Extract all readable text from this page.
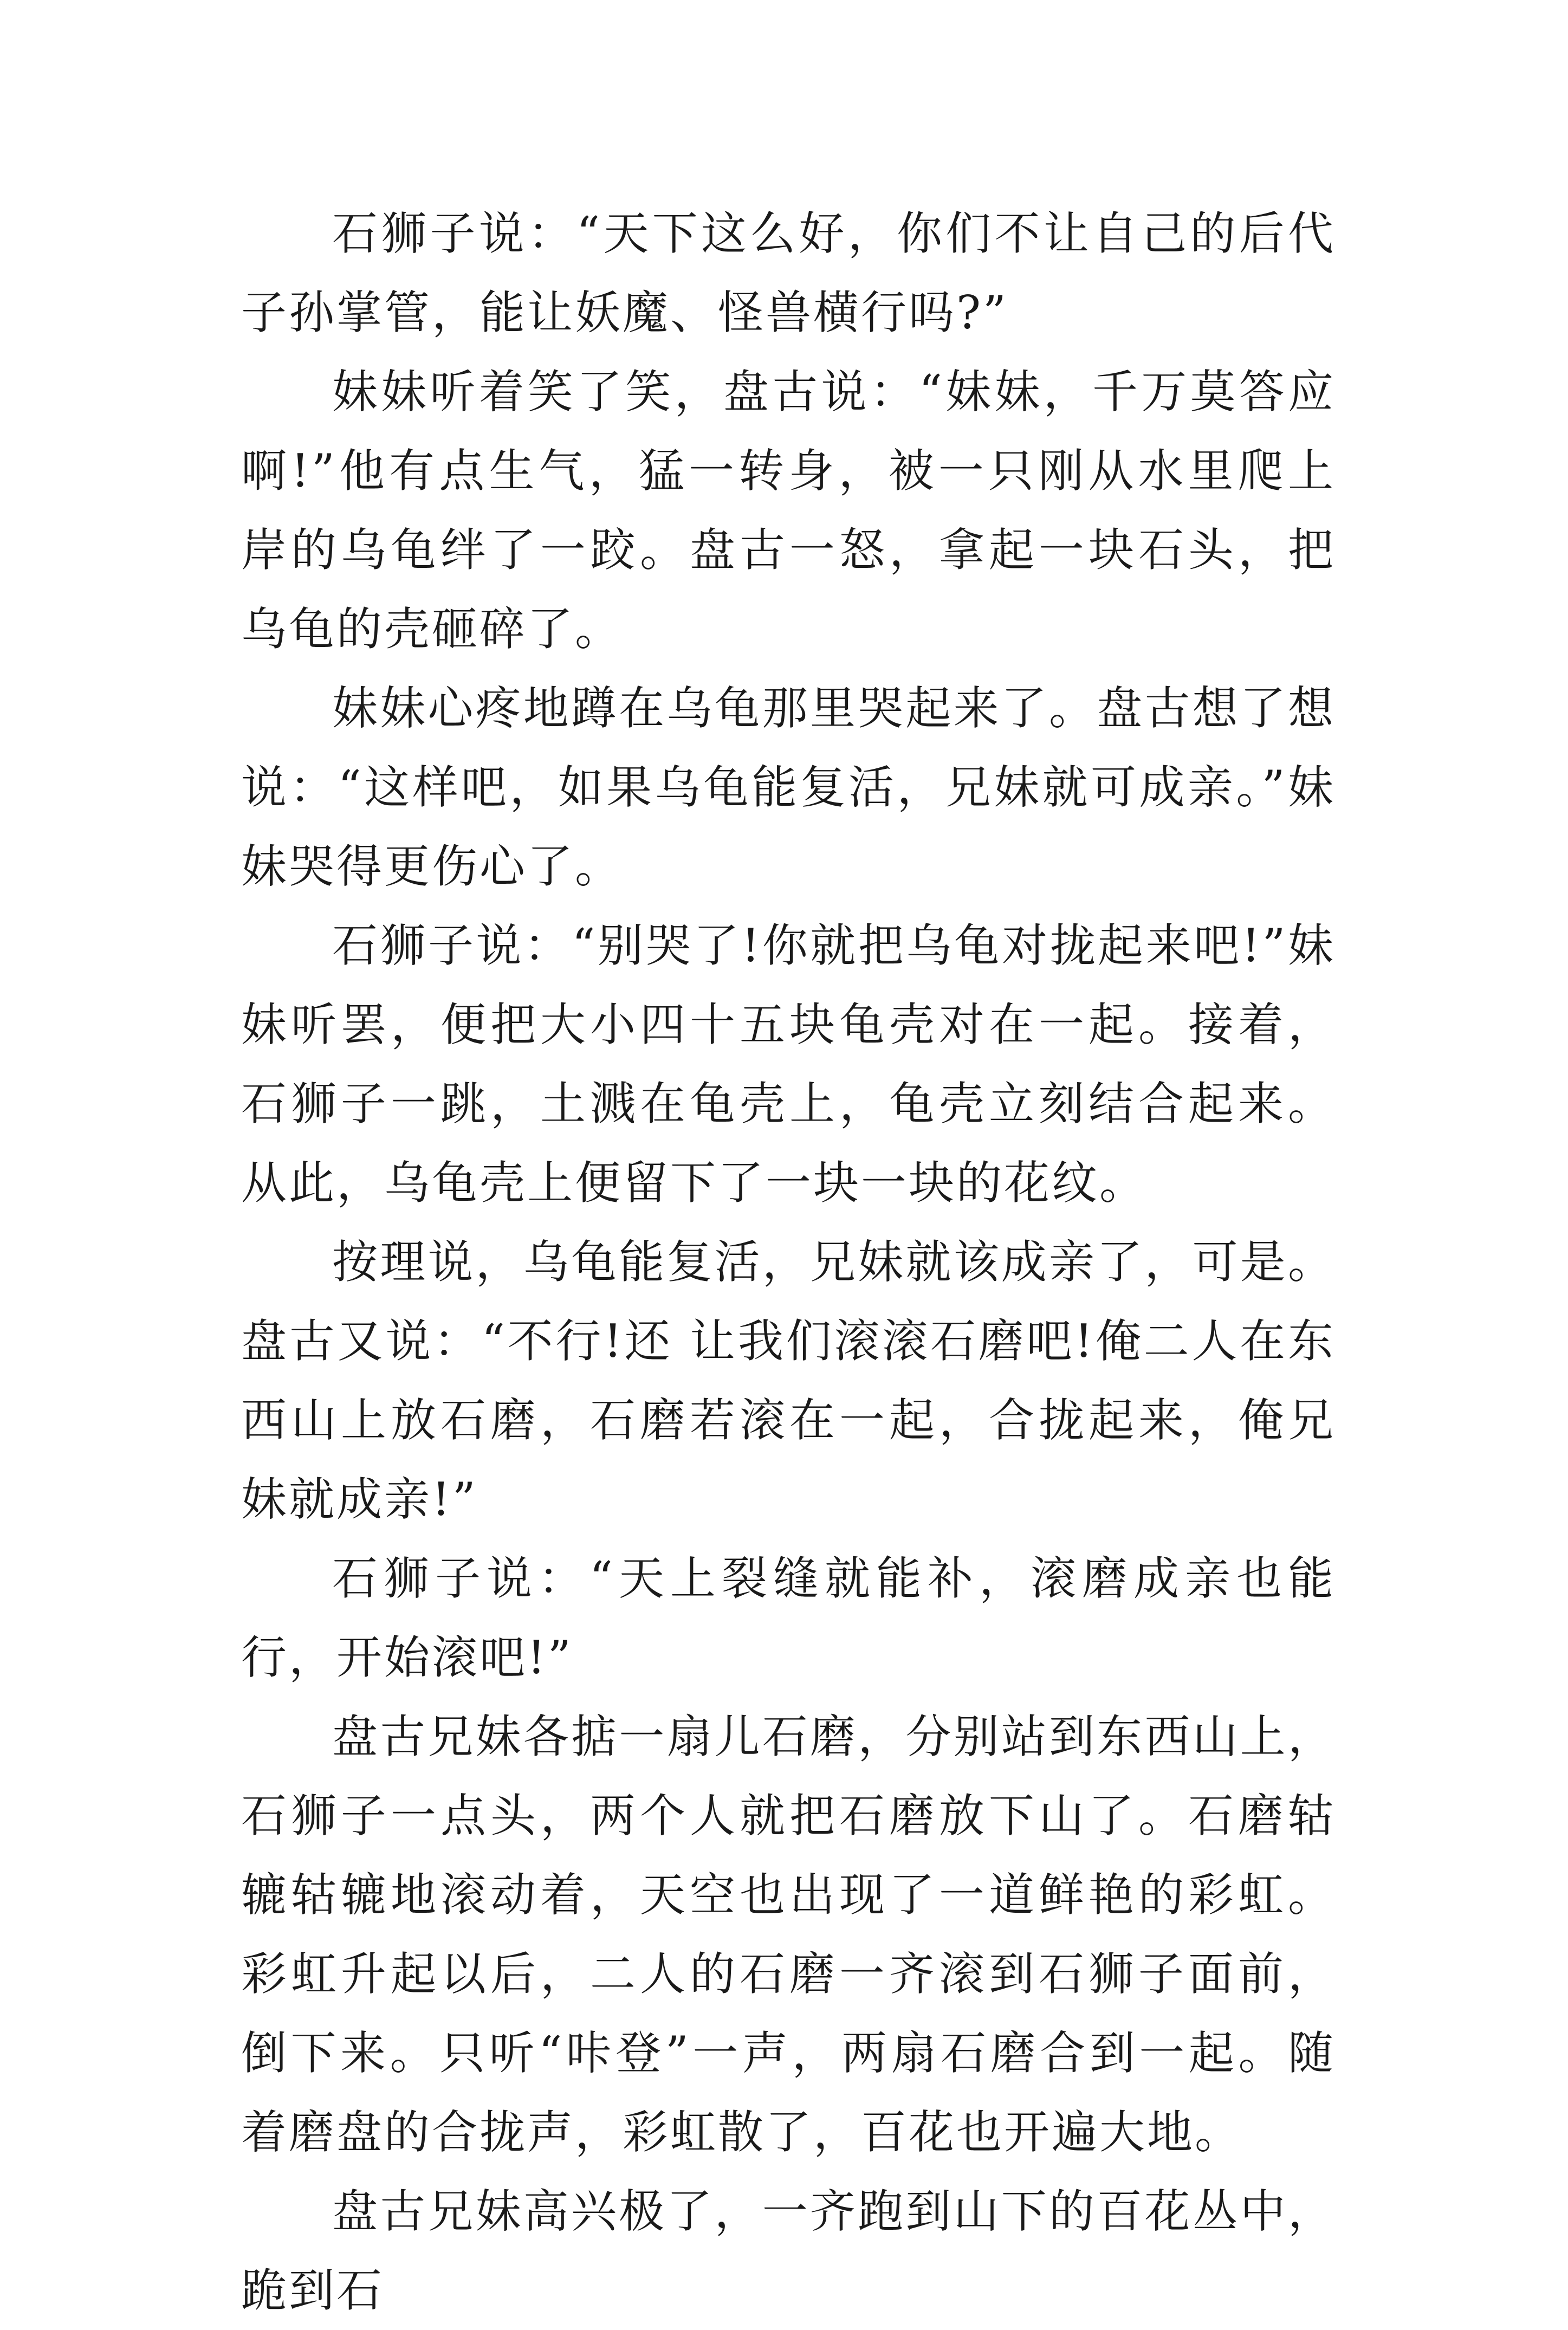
石狮子说：“天下这么好，你们不让自己的后代子孙掌管，能让妖魔、怪兽横行吗?”

妹妹听着笑了笑，盘古说：“妹妹，千万莫答应啊!”他有点生气，猛一转身，被一只刚从水里爬上岸的乌龟绊了一跤。盘古一怒，拿起一块石头，把乌龟的壳砸碎了。

妹妹心疼地蹲在乌龟那里哭起来了。盘古想了想说：“这样吧，如果乌龟能复活，兄妹就可成亲。”妹妹哭得更伤心了。

石狮子说：“别哭了!你就把乌龟对拢起来吧!”妹妹听罢，便把大小四十五块龟壳对在一起。接着，石狮子一跳，土溅在龟壳上，龟壳立刻结合起来。从此，乌龟壳上便留下了一块一块的花纹。

按理说，乌龟能复活，兄妹就该成亲了，可是。盘古又说：“不行!还 让我们滚滚石磨吧!俺二人在东西山上放石磨，石磨若滚在一起，合拢起来，俺兄妹就成亲!”

石狮子说：“天上裂缝就能补，滚磨成亲也能行，开始滚吧!”

盘古兄妹各掂一扇儿石磨，分别站到东西山上，石狮子一点头，两个人就把石磨放下山了。石磨轱辘轱辘地滚动着，天空也出现了一道鲜艳的彩虹。彩虹升起以后，二人的石磨一齐滚到石狮子面前，倒下来。只听“咔登”一声，两扇石磨合到一起。随着磨盘的合拢声，彩虹散了，百花也开遍大地。

盘古兄妹高兴极了，一齐跑到山下的百花丛中，跪到石
